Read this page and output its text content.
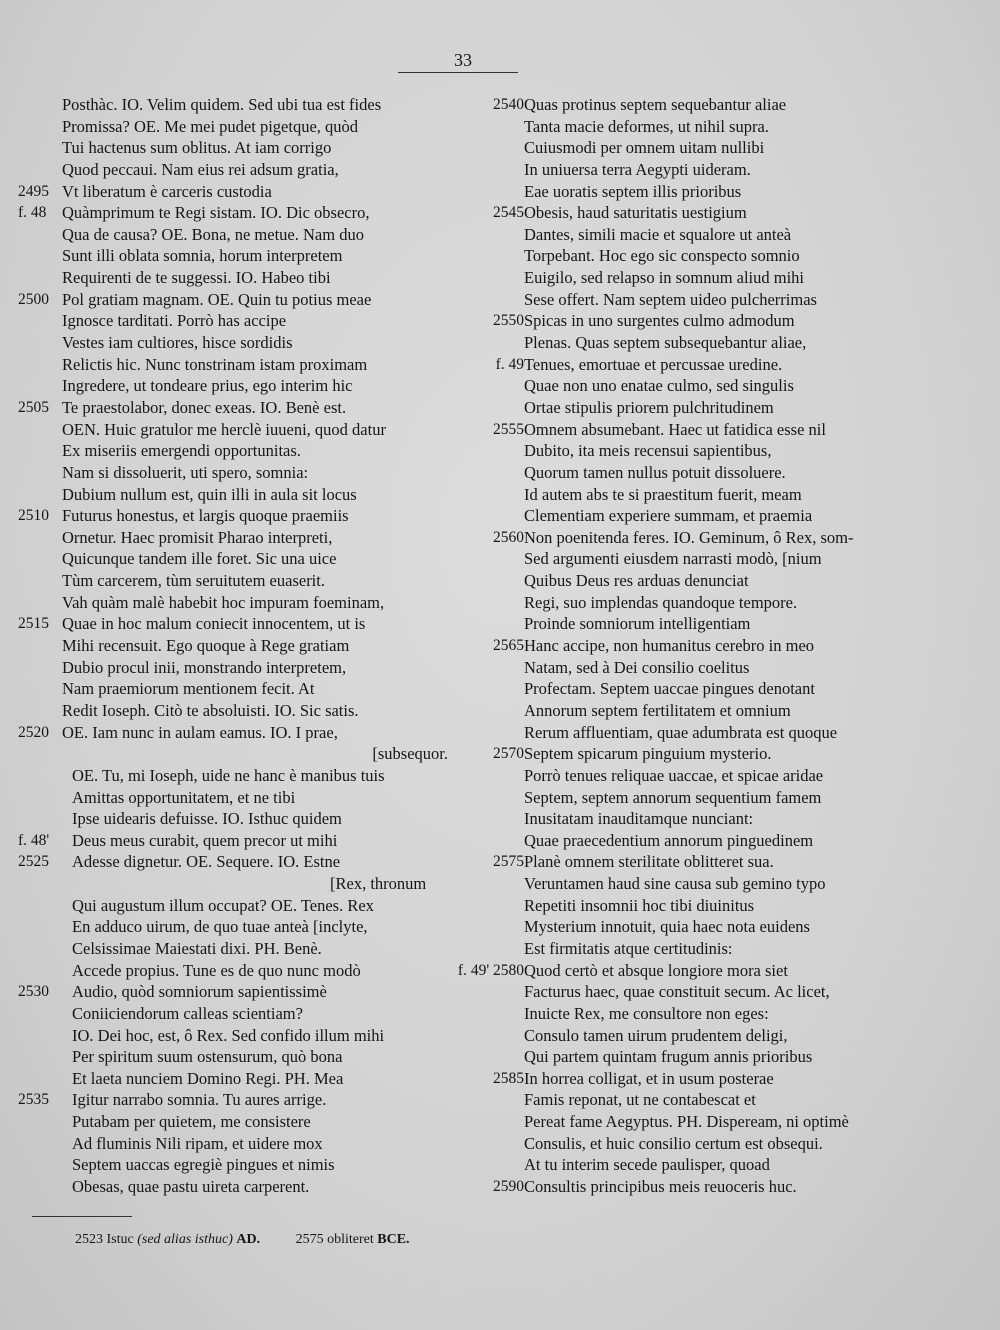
33
Posthàc. IO. Velim quidem. Sed ubi tua est fides
Promissa? OE. Me mei pudet pigetque, quòd
Tui hactenus sum oblitus. At iam corrigo
Quod peccaui. Nam eius rei adsum gratia,
2495 Vt liberatum è carceris custodia
f. 48 Quàmprimum te Regi sistam. IO. Dic obsecro,
Qua de causa? OE. Bona, ne metue. Nam duo
Sunt illi oblata somnia, horum interpretem
Requirenti de te suggessi. IO. Habeo tibi
2500 Pol gratiam magnam. OE. Quin tu potius meae
Ignosce tarditati. Porrò has accipe
Vestes iam cultiores, hisce sordidis
Relictis hic. Nunc tonstrinam istam proximam
Ingredere, ut tondeare prius, ego interim hic
2505 Te praestolabor, donec exeas. IO. Benè est.
OEN. Huic gratulor me herclè iuueni, quod datur
Ex miseriis emergendi opportunitas.
Nam si dissoluerit, uti spero, somnia:
Dubium nullum est, quin illi in aula sit locus
2510 Futurus honestus, et largis quoque praemiis
Ornetur. Haec promisit Pharao interpreti,
Quicunque tandem ille foret. Sic una uice
Tùm carcerem, tùm seruitutem euaserit.
Vah quàm malè habebit hoc impuram foeminam,
2515 Quae in hoc malum coniecit innocentem, ut is
Mihi recensuit. Ego quoque à Rege gratiam
Dubio procul inii, monstrando interpretem,
Nam praemiorum mentionem fecit. At
Redit Ioseph. Citò te absoluisti. IO. Sic satis.
2520 OE. Iam nunc in aulam eamus. IO. I prae,
[subsequor.
OE. Tu, mi Ioseph, uide ne hanc è manibus tuis
Amittas opportunitatem, et ne tibi
Ipse uidearis defuisse. IO. Isthuc quidem
f. 48'	Deus meus curabit, quem precor ut mihi
2525	Adesse dignetur. OE. Sequere. IO. Estne
[Rex, thronum
Qui augustum illum occupat? OE. Tenes. Rex
En adduco uirum, de quo tuae anteà [inclyte,
Celsissimae Maiestati dixi. PH. Benè.
Accede propius. Tune es de quo nunc modò
2530	Audio, quòd somniorum sapientissimè
Coniiciendorum calleas scientiam?
IO. Dei hoc, est, ô Rex. Sed confido illum mihi
Per spiritum suum ostensurum, quò bona
Et laeta nunciem Domino Regi. PH. Mea
2535	Igitur narrabo somnia. Tu aures arrige.
Putabam per quietem, me consistere
Ad fluminis Nili ripam, et uidere mox
Septem uaccas egregiè pingues et nimis
Obesas, quae pastu uireta carperent.
2540 Quas protinus septem sequebantur aliae
Tanta macie deformes, ut nihil supra.
Cuiusmodi per omnem uitam nullibi
In uniuersa terra Aegypti uideram.
Eae uoratis septem illis prioribus
2545 Obesis, haud saturitatis uestigium
Dantes, simili macie et squalore ut anteà
Torpebant. Hoc ego sic conspecto somnio
Euigilo, sed relapso in somnum aliud mihi
Sese offert. Nam septem uideo pulcherrimas
2550 Spicas in uno surgentes culmo admodum
Plenas. Quas septem subsequebantur aliae,
f. 49 Tenues, emortuae et percussae uredine.
Quae non uno enatae culmo, sed singulis
Ortae stipulis priorem pulchritudinem
2555 Omnem absumebant. Haec ut fatidica esse nil
Dubito, ita meis recensui sapientibus,
Quorum tamen nullus potuit dissoluere.
Id autem abs te si praestitum fuerit, meam
Clementiam experiere summam, et praemia
2560 Non poenitenda feres. IO. Geminum, ô Rex, som-
Sed argumenti eiusdem narrasti modò, [nium
Quibus Deus res arduas denunciat
Regi, suo implendas quandoque tempore.
Proinde somniorum intelligentiam
2565 Hanc accipe, non humanitus cerebro in meo
Natam, sed à Dei consilio coelitus
Profectam. Septem uaccae pingues denotant
Annorum septem fertilitatem et omnium
Rerum affluentiam, quae adumbrata est quoque
2570 Septem spicarum pinguium mysterio.
Porrò tenues reliquae uaccae, et spicae aridae
Septem, septem annorum sequentium famem
Inusitatam inauditamque nunciant:
Quae praecedentium annorum pinguedinem
2575 Planè omnem sterilitate oblitteret sua.
Veruntamen haud sine causa sub gemino typo
Repetiti insomnii hoc tibi diuinitus
Mysterium innotuit, quia haec nota euidens
Est firmitatis atque certitudinis:
f. 49' 2580 Quod certò et absque longiore mora siet
Facturus haec, quae constituit secum. Ac licet,
Inuicte Rex, me consultore non eges:
Consulo tamen uirum prudentem deligi,
Qui partem quintam frugum annis prioribus
2585 In horrea colligat, et in usum posterae
Famis reponat, ut ne contabescat et
Pereat fame Aegyptus. PH. Dispeream, ni optimè
Consulis, et huic consilio certum est obsequi.
At tu interim secede paulisper, quoad
2590 Consultis principibus meis reuoceris huc.
2523 Istuc (sed alias isthuc) AD.	2575 obliteret BCE.
